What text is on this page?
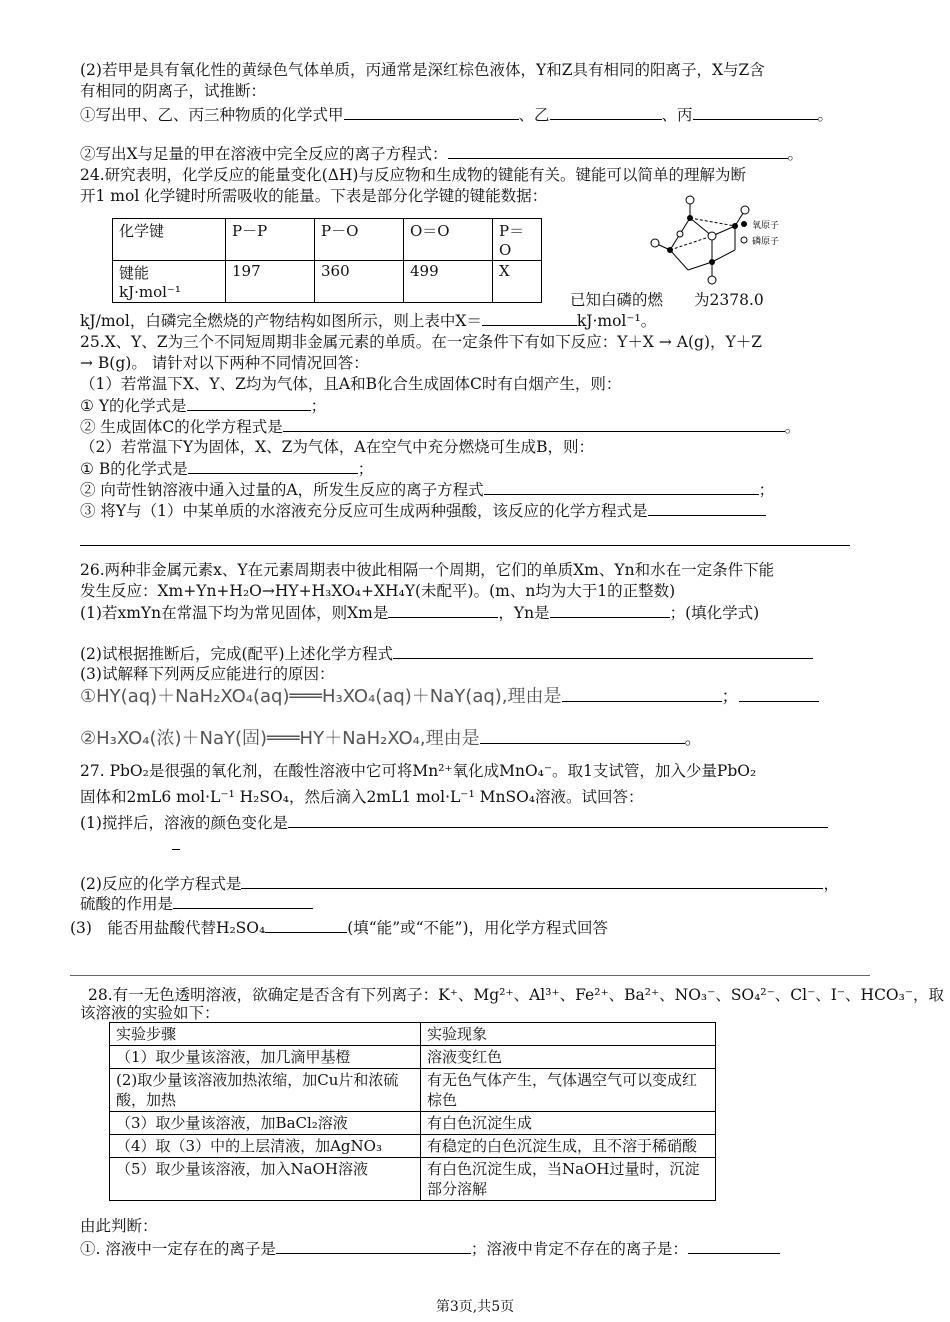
(2)若甲是具有氧化性的黄绿色气体单质，丙通常是深红棕色液体，Y和Z具有相同的阳离子，X与Z含
有相同的阴离子，试推断：
①写出甲、乙、丙三种物质的化学式甲	、乙	、丙	。
②写出X与足量的甲在溶液中完全反应的离子方程式：	。
24.研究表明，化学反应的能量变化(ΔH)与反应物和生成物的键能有关。键能可以简单的理解为断
开1 mol 化学键时所需吸收的能量。下表是部分化学键的键能数据：
化学键	P－P	P－O	O＝O	P＝O
键能
kJ·mol⁻¹	197	360	499	X
氧原子
磷原子
已知白磷的燃　　为2378.0
kJ/mol，白磷完全燃烧的产物结构如图所示，则上表中X＝	kJ·mol⁻¹。
25.X、Y、Z为三个不同短周期非金属元素的单质。在一定条件下有如下反应：Y＋X → A(g)，Y＋Z
→ B(g)。 请针对以下两种不同情况回答：
（1）若常温下X、Y、Z均为气体，且A和B化合生成固体C时有白烟产生，则：
① Y的化学式是	；
② 生成固体C的化学方程式是	。
（2）若常温下Y为固体，X、Z为气体，A在空气中充分燃烧可生成B，则：
① B的化学式是	；
② 向苛性钠溶液中通入过量的A，所发生反应的离子方程式	；
③ 将Y与（1）中某单质的水溶液充分反应可生成两种强酸，该反应的化学方程式是
26.两种非金属元素x、Y在元素周期表中彼此相隔一个周期，它们的单质Xm、Yn和水在一定条件下能
发生反应：Xm+Yn+H₂O→HY+H₃XO₄+XH₄Y(未配平)。(m、n均为大于1的正整数)
(1)若xmYn在常温下均为常见固体，则Xm是	，Yn是	；(填化学式)
(2)试根据推断后，完成(配平)上述化学方程式
(3)试解释下列两反应能进行的原因：
①HY(aq)＋NaH₂XO₄(aq)═══H₃XO₄(aq)＋NaY(aq),理由是	；
②H₃XO₄(浓)＋NaY(固)═══HY＋NaH₂XO₄,理由是	。
27. PbO₂是很强的氧化剂，在酸性溶液中它可将Mn²⁺氧化成MnO₄⁻。取1支试管，加入少量PbO₂
固体和2mL6 mol·L⁻¹ H₂SO₄，然后滴入2mL1 mol·L⁻¹ MnSO₄溶液。试回答：
(1)搅拌后，溶液的颜色变化是
(2)反应的化学方程式是	，
硫酸的作用是
(3)　能否用盐酸代替H₂SO₄	(填“能”或“不能”)，用化学方程式回答
28.有一无色透明溶液，欲确定是否含有下列离子：K⁺、Mg²⁺、Al³⁺、Fe²⁺、Ba²⁺、NO₃⁻、SO₄²⁻、Cl⁻、I⁻、HCO₃⁻，取
该溶液的实验如下：
实验步骤	实验现象
（1）取少量该溶液，加几滴甲基橙	溶液变红色
(2)取少量该溶液加热浓缩，加Cu片和浓硫酸，加热	有无色气体产生，气体遇空气可以变成红棕色
（3）取少量该溶液，加BaCl₂溶液	有白色沉淀生成
（4）取（3）中的上层清液，加AgNO₃	有稳定的白色沉淀生成，且不溶于稀硝酸
（5）取少量该溶液，加入NaOH溶液	有白色沉淀生成，当NaOH过量时，沉淀部分溶解
由此判断：
①. 溶液中一定存在的离子是	；溶液中肯定不存在的离子是：
第3页,共5页
